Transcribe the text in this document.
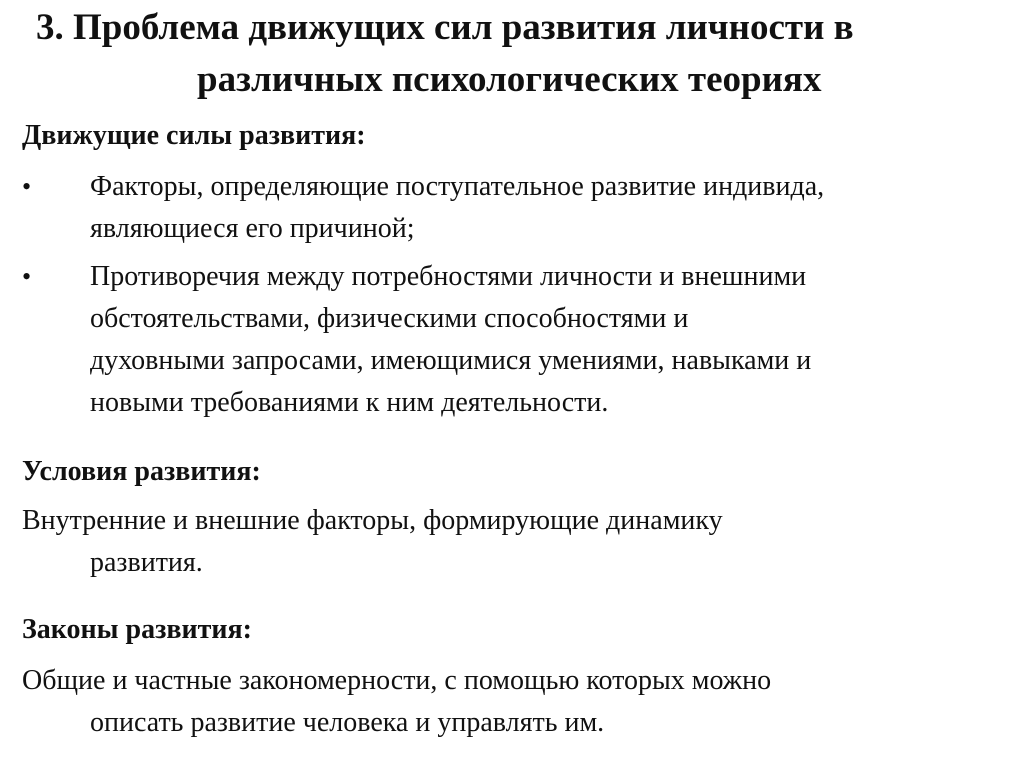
3. Проблема движущих сил развития личности в
различных психологических теориях
Движущие силы развития:
• Факторы, определяющие поступательное развитие индивида,
являющиеся его причиной;
• Противоречия между потребностями личности и внешними
обстоятельствами, физическими способностями и
духовными запросами, имеющимися умениями, навыками и
новыми требованиями к ним деятельности.
Условия развития:
Внутренние и внешние факторы, формирующие динамику
развития.
Законы развития:
Общие и частные закономерности, с помощью которых можно
описать развитие человека и управлять им.
